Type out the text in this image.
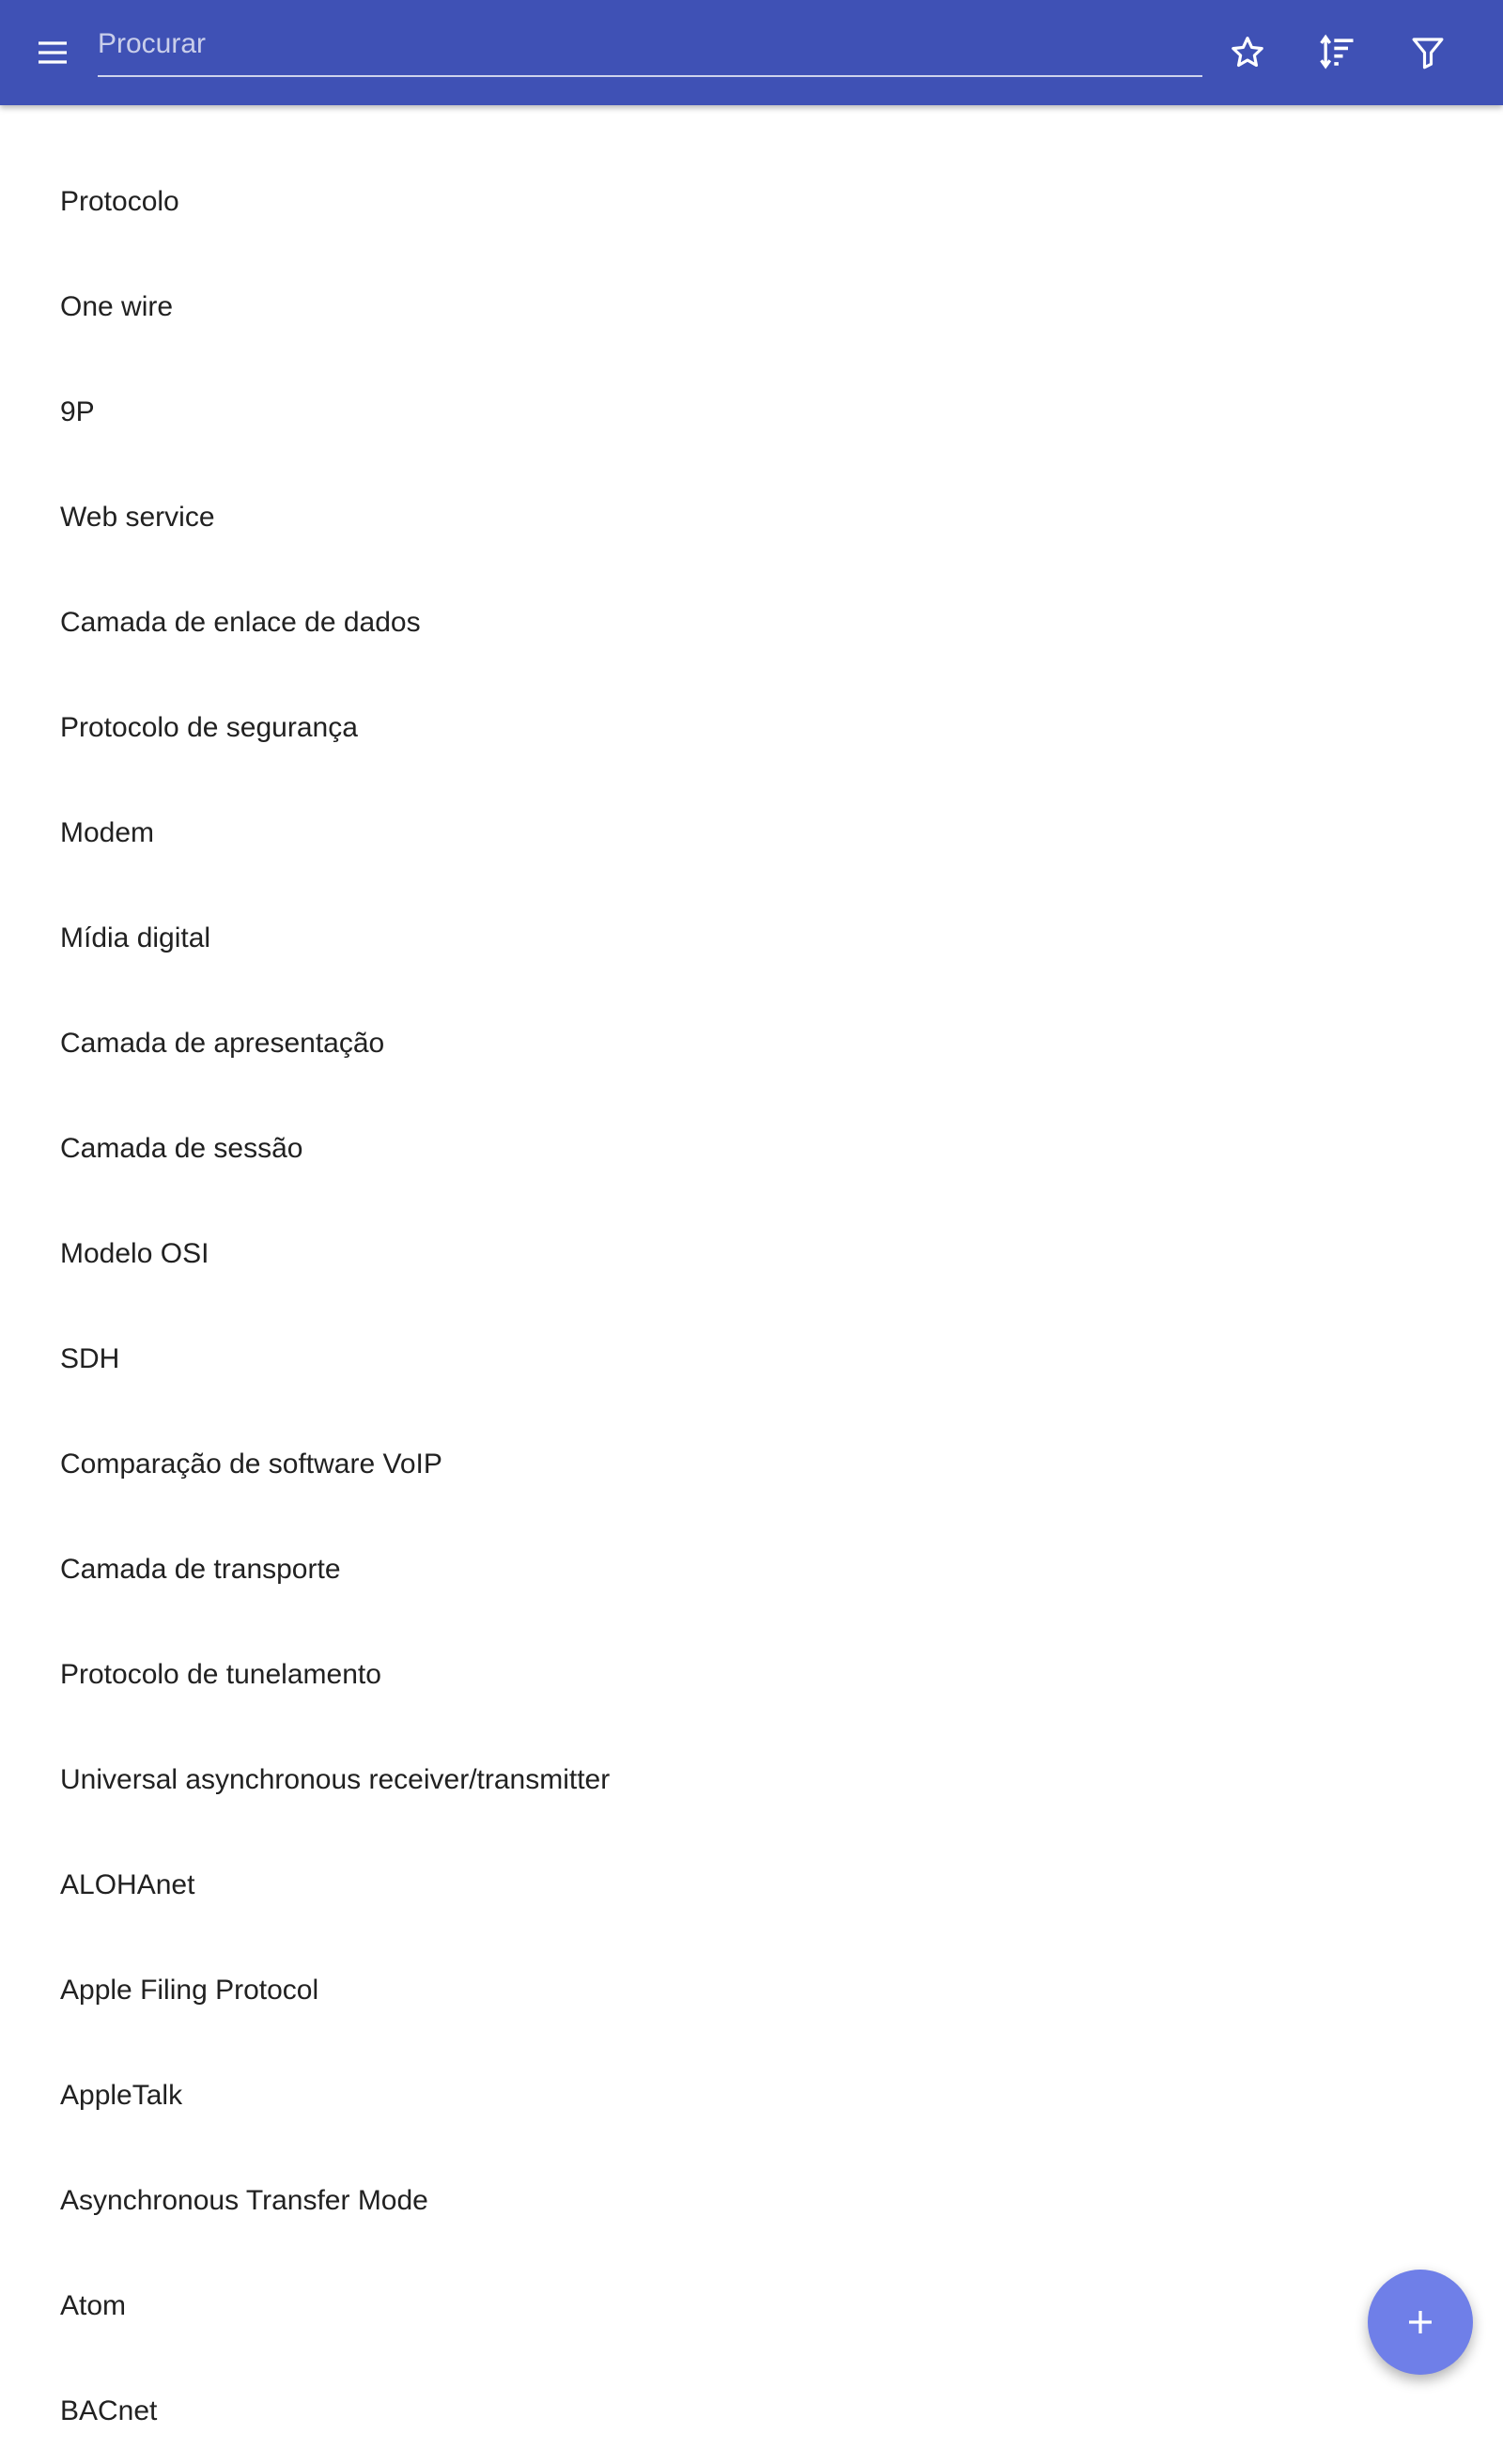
Procurar
Protocolo
One wire
9P
Web service
Camada de enlace de dados
Protocolo de segurança
Modem
Mídia digital
Camada de apresentação
Camada de sessão
Modelo OSI
SDH
Comparação de software VoIP
Camada de transporte
Protocolo de tunelamento
Universal asynchronous receiver/transmitter
ALOHAnet
Apple Filing Protocol
AppleTalk
Asynchronous Transfer Mode
Atom
BACnet
